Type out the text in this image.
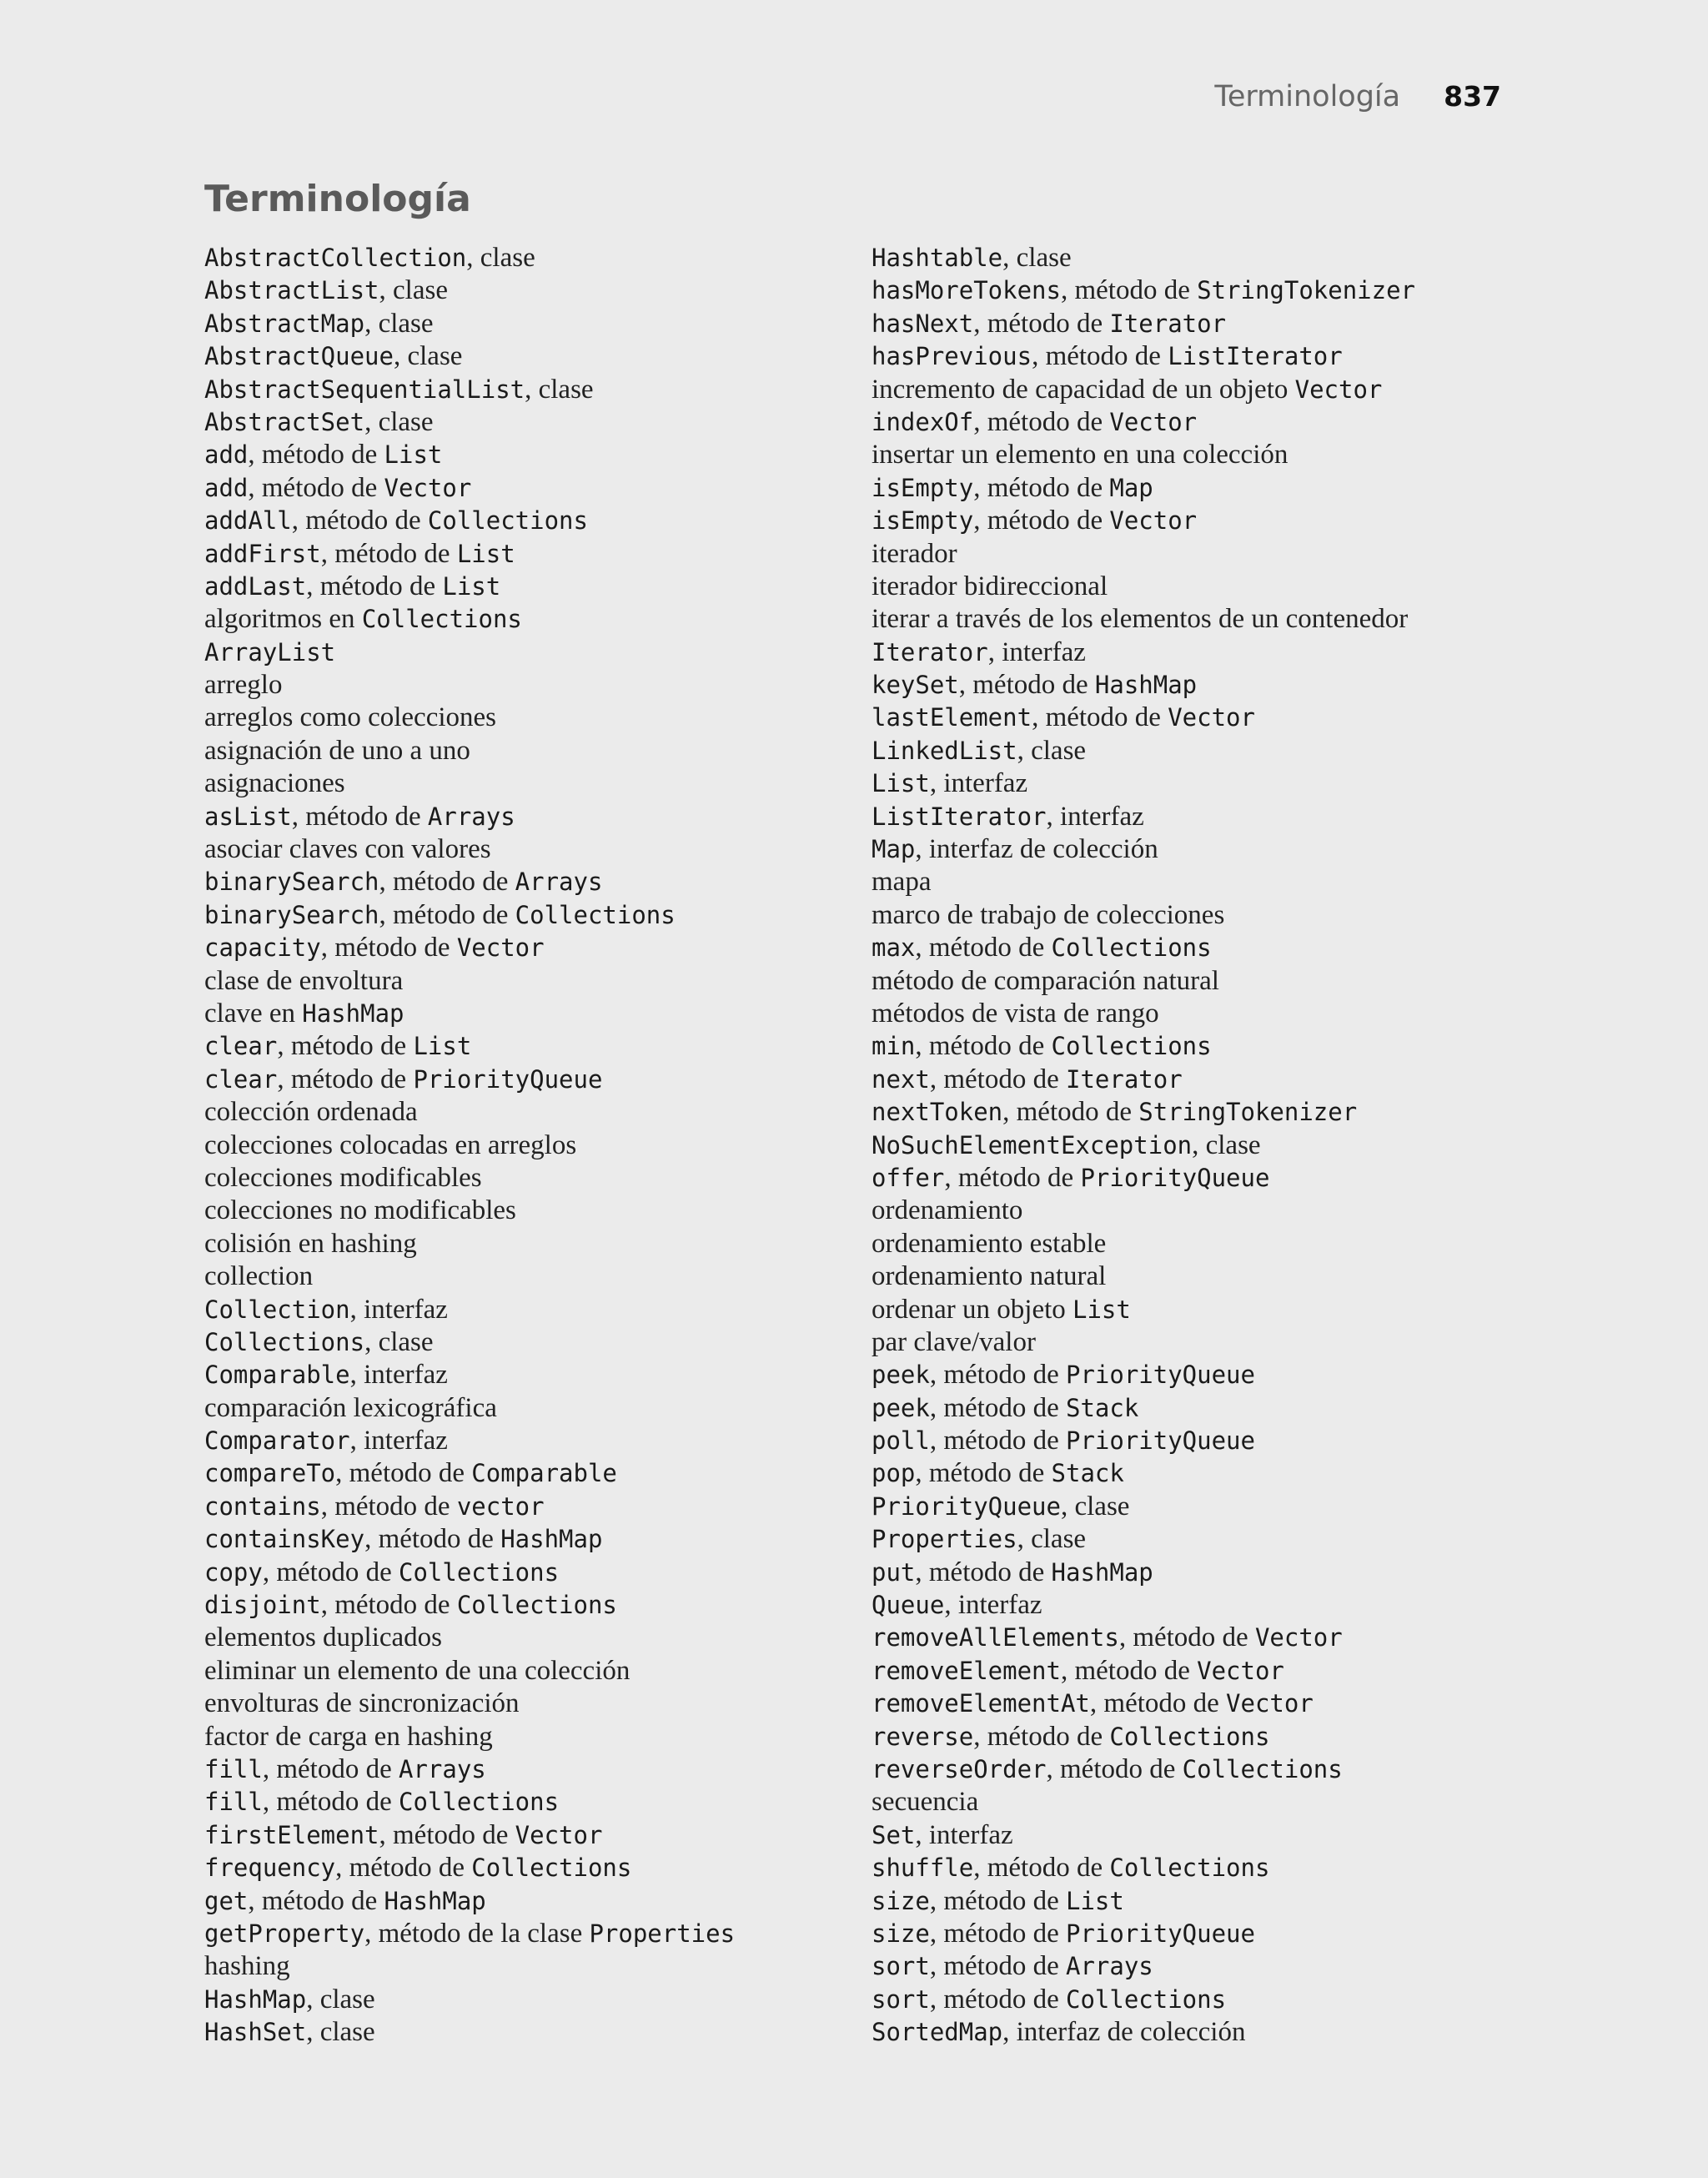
Terminología 837
Terminología
AbstractCollection, clase
AbstractList, clase
AbstractMap, clase
AbstractQueue, clase
AbstractSequentialList, clase
AbstractSet, clase
add, método de List
add, método de Vector
addAll, método de Collections
addFirst, método de List
addLast, método de List
algoritmos en Collections
ArrayList
arreglo
arreglos como colecciones
asignación de uno a uno
asignaciones
asList, método de Arrays
asociar claves con valores
binarySearch, método de Arrays
binarySearch, método de Collections
capacity, método de Vector
clase de envoltura
clave en HashMap
clear, método de List
clear, método de PriorityQueue
colección ordenada
colecciones colocadas en arreglos
colecciones modificables
colecciones no modificables
colisión en hashing
collection
Collection, interfaz
Collections, clase
Comparable, interfaz
comparación lexicográfica
Comparator, interfaz
compareTo, método de Comparable
contains, método de vector
containsKey, método de HashMap
copy, método de Collections
disjoint, método de Collections
elementos duplicados
eliminar un elemento de una colección
envolturas de sincronización
factor de carga en hashing
fill, método de Arrays
fill, método de Collections
firstElement, método de Vector
frequency, método de Collections
get, método de HashMap
getProperty, método de la clase Properties
hashing
HashMap, clase
HashSet, clase
Hashtable, clase
hasMoreTokens, método de StringTokenizer
hasNext, método de Iterator
hasPrevious, método de ListIterator
incremento de capacidad de un objeto Vector
indexOf, método de Vector
insertar un elemento en una colección
isEmpty, método de Map
isEmpty, método de Vector
iterador
iterador bidireccional
iterar a través de los elementos de un contenedor
Iterator, interfaz
keySet, método de HashMap
lastElement, método de Vector
LinkedList, clase
List, interfaz
ListIterator, interfaz
Map, interfaz de colección
mapa
marco de trabajo de colecciones
max, método de Collections
método de comparación natural
métodos de vista de rango
min, método de Collections
next, método de Iterator
nextToken, método de StringTokenizer
NoSuchElementException, clase
offer, método de PriorityQueue
ordenamiento
ordenamiento estable
ordenamiento natural
ordenar un objeto List
par clave/valor
peek, método de PriorityQueue
peek, método de Stack
poll, método de PriorityQueue
pop, método de Stack
PriorityQueue, clase
Properties, clase
put, método de HashMap
Queue, interfaz
removeAllElements, método de Vector
removeElement, método de Vector
removeElementAt, método de Vector
reverse, método de Collections
reverseOrder, método de Collections
secuencia
Set, interfaz
shuffle, método de Collections
size, método de List
size, método de PriorityQueue
sort, método de Arrays
sort, método de Collections
SortedMap, interfaz de colección
